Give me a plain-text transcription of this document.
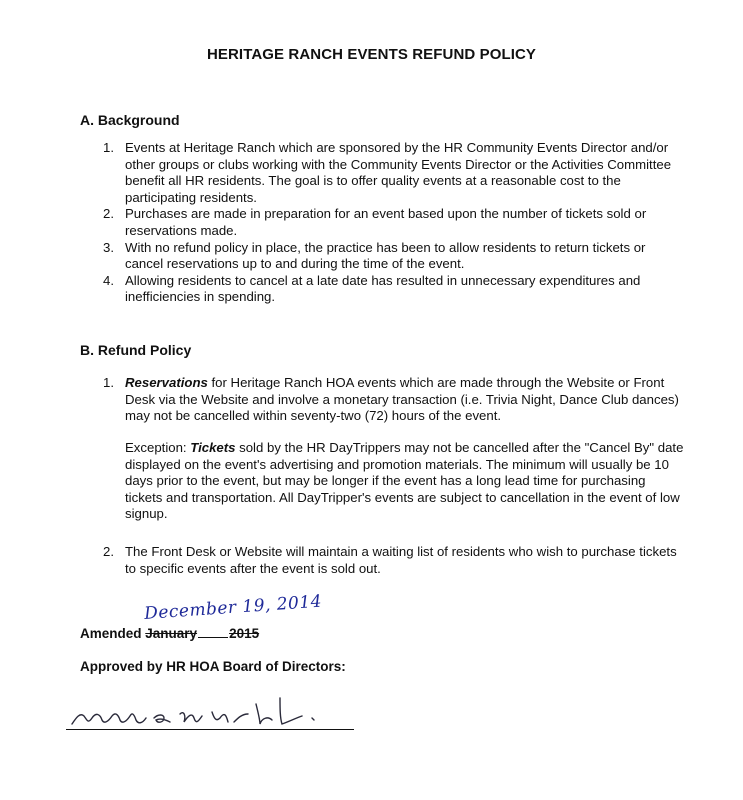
HERITAGE RANCH EVENTS REFUND POLICY
A. Background
1. Events at Heritage Ranch which are sponsored by the HR Community Events Director and/or other groups or clubs working with the Community Events Director or the Activities Committee benefit all HR residents. The goal is to offer quality events at a reasonable cost to the participating residents.
2. Purchases are made in preparation for an event based upon the number of tickets sold or reservations made.
3. With no refund policy in place, the practice has been to allow residents to return tickets or cancel reservations up to and during the time of the event.
4. Allowing residents to cancel at a late date has resulted in unnecessary expenditures and inefficiencies in spending.
B. Refund Policy
1. Reservations for Heritage Ranch HOA events which are made through the Website or Front Desk via the Website and involve a monetary transaction (i.e. Trivia Night, Dance Club dances) may not be cancelled within seventy-two (72) hours of the event.
Exception: Tickets sold by the HR DayTrippers may not be cancelled after the "Cancel By" date displayed on the event's advertising and promotion materials. The minimum will usually be 10 days prior to the event, but may be longer if the event has a long lead time for purchasing tickets and transportation. All DayTripper's events are subject to cancellation in the event of low signup.
2. The Front Desk or Website will maintain a waiting list of residents who wish to purchase tickets to specific events after the event is sold out.
December 19, 2014
Amended January 2015
Approved by HR HOA Board of Directors:
